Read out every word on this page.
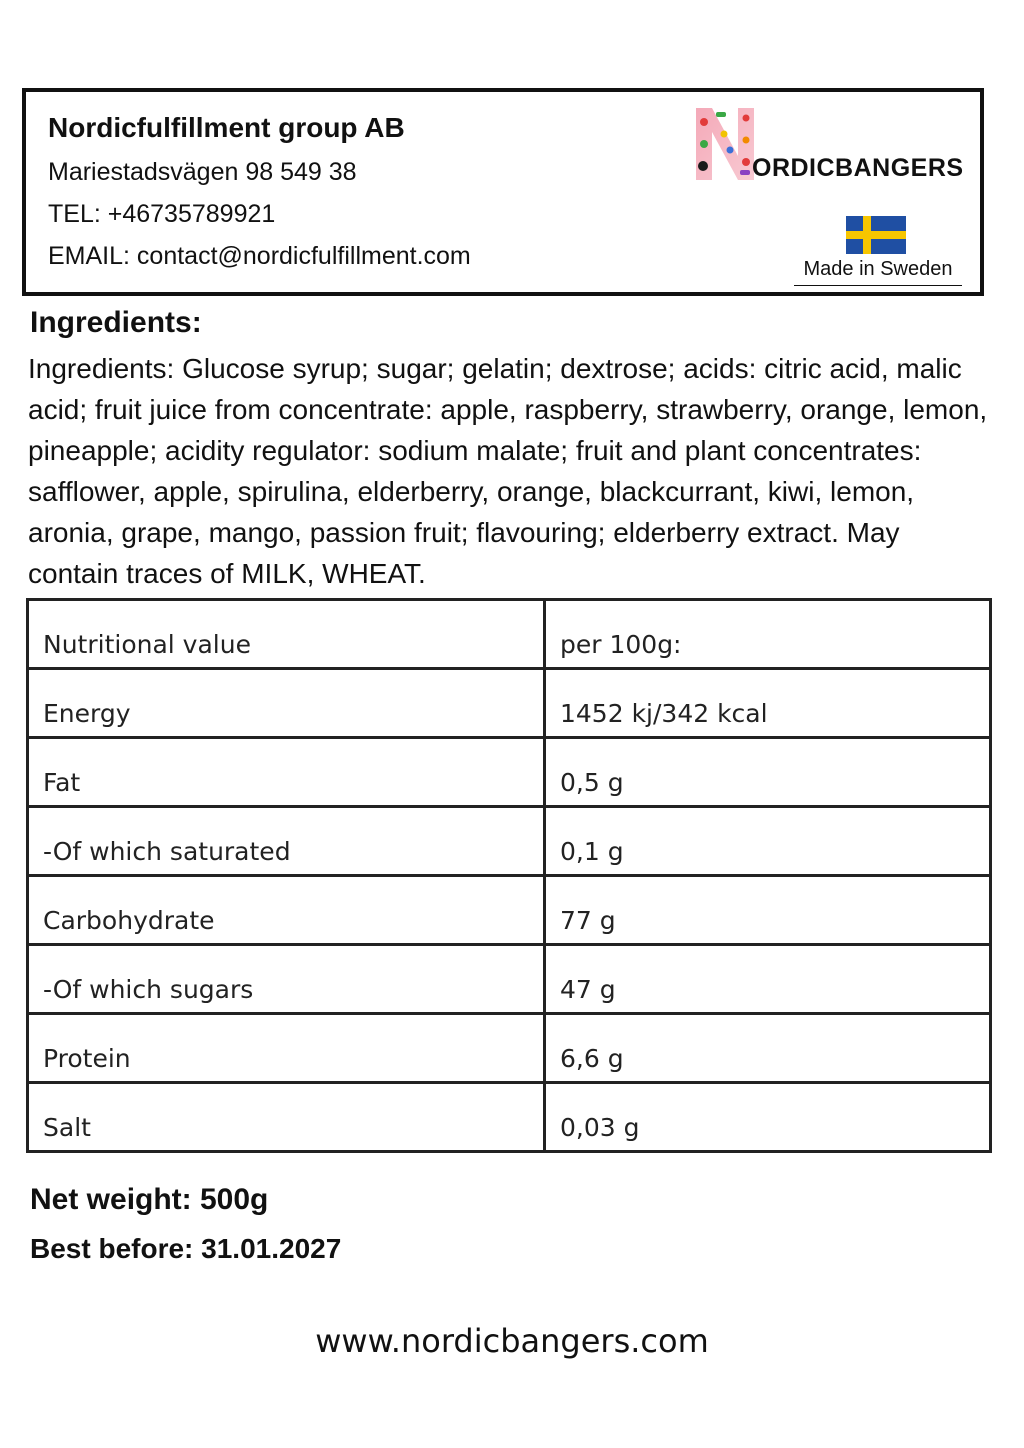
Nordicfulfillment group AB
Mariestadsvägen 98 549 38
TEL: +46735789921
EMAIL: contact@nordicfulfillment.com
ORDICBANGERS
Made in Sweden
Ingredients:
Ingredients: Glucose syrup; sugar; gelatin; dextrose; acids: citric acid, malic acid; fruit juice from concentrate: apple, raspberry, strawberry, orange, lemon, pineapple; acidity regulator: sodium malate; fruit and plant concentrates: safflower, apple, spirulina, elderberry, orange, blackcurrant, kiwi, lemon, aronia, grape, mango, passion fruit; flavouring; elderberry extract. May contain traces of MILK, WHEAT.
Nutritional value	per 100g:
Energy	1452 kj/342 kcal
Fat	0,5 g
-Of which saturated	0,1 g
Carbohydrate	77 g
-Of which sugars	47 g
Protein	6,6 g
Salt	0,03 g
Net weight: 500g
Best before: 31.01.2027
www.nordicbangers.com
